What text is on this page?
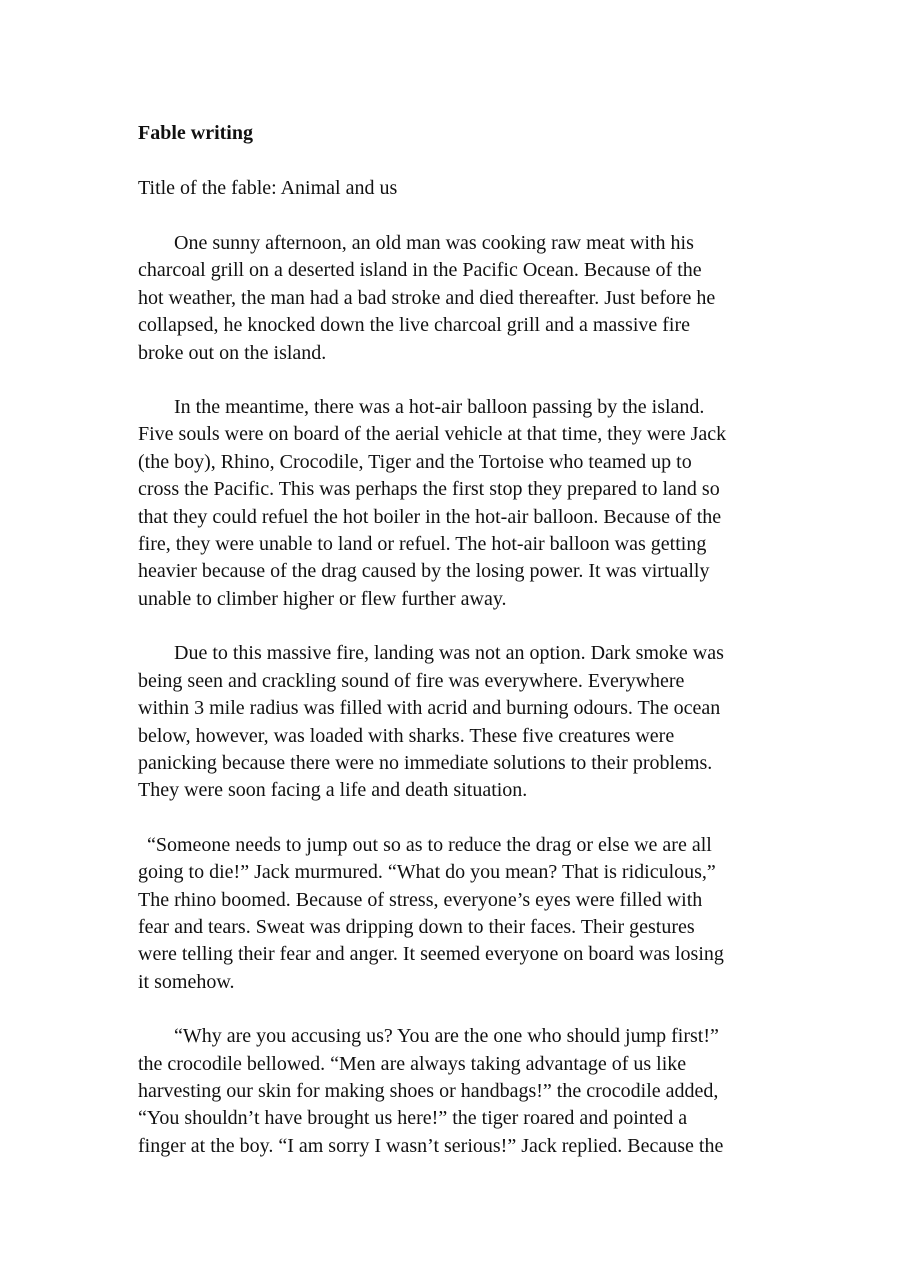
Fable writing
Title of the fable: Animal and us
One sunny afternoon, an old man was cooking raw meat with his
charcoal grill on a deserted island in the Pacific Ocean. Because of the
hot weather, the man had a bad stroke and died thereafter. Just before he
collapsed, he knocked down the live charcoal grill and a massive fire
broke out on the island.
In the meantime, there was a hot-air balloon passing by the island.
Five souls were on board of the aerial vehicle at that time, they were Jack
(the boy), Rhino, Crocodile, Tiger and the Tortoise who teamed up to
cross the Pacific. This was perhaps the first stop they prepared to land so
that they could refuel the hot boiler in the hot-air balloon. Because of the
fire, they were unable to land or refuel. The hot-air balloon was getting
heavier because of the drag caused by the losing power. It was virtually
unable to climber higher or flew further away.
Due to this massive fire, landing was not an option. Dark smoke was
being seen and crackling sound of fire was everywhere. Everywhere
within 3 mile radius was filled with acrid and burning odours. The ocean
below, however, was loaded with sharks. These five creatures were
panicking because there were no immediate solutions to their problems.
They were soon facing a life and death situation.
“Someone needs to jump out so as to reduce the drag or else we are all
going to die!” Jack murmured. “What do you mean? That is ridiculous,”
The rhino boomed. Because of stress, everyone’s eyes were filled with
fear and tears. Sweat was dripping down to their faces. Their gestures
were telling their fear and anger. It seemed everyone on board was losing
it somehow.
“Why are you accusing us? You are the one who should jump first!”
the crocodile bellowed. “Men are always taking advantage of us like
harvesting our skin for making shoes or handbags!” the crocodile added,
“You shouldn’t have brought us here!” the tiger roared and pointed a
finger at the boy. “I am sorry I wasn’t serious!” Jack replied. Because the
